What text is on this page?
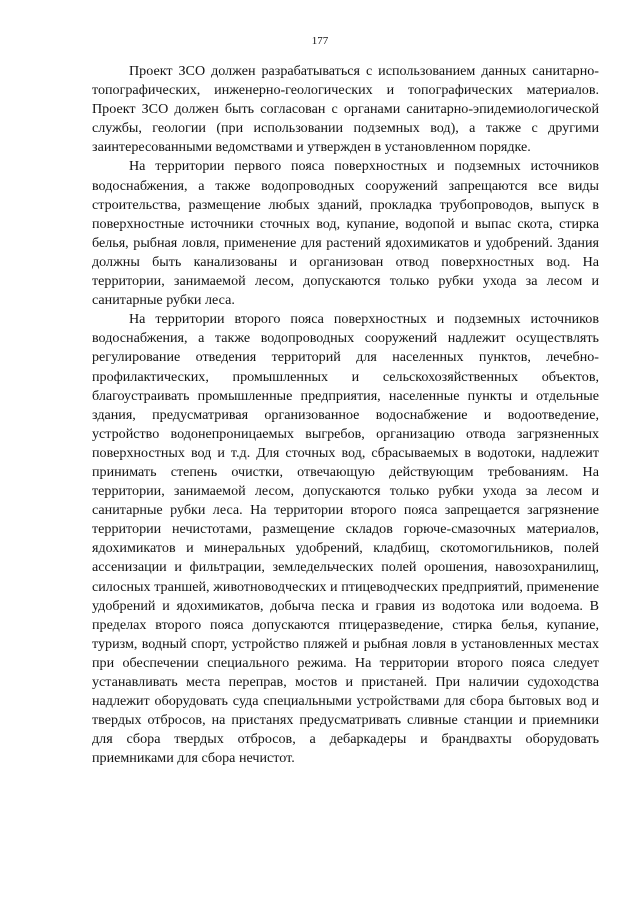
177

Проект ЗСО должен разрабатываться с использованием данных санитарно-топографических, инженерно-геологических и топографических материалов. Проект ЗСО должен быть согласован с органами санитарно-эпидемиологической службы, геологии (при использовании подземных вод), а также с другими заинтересованными ведомствами и утвержден в установленном порядке.

На территории первого пояса поверхностных и подземных источников водоснабжения, а также водопроводных сооружений запрещаются все виды строительства, размещение любых зданий, прокладка трубопроводов, выпуск в поверхностные источники сточных вод, купание, водопой и выпас скота, стирка белья, рыбная ловля, применение для растений ядохимикатов и удобрений. Здания должны быть канализованы и организован отвод поверхностных вод. На территории, занимаемой лесом, допускаются только рубки ухода за лесом и санитарные рубки леса.

На территории второго пояса поверхностных и подземных источников водоснабжения, а также водопроводных сооружений надлежит осуществлять регулирование отведения территорий для населенных пунктов, лечебно-профилактических, промышленных и сельскохозяйственных объектов, благоустраивать промышленные предприятия, населенные пункты и отдельные здания, предусматривая организованное водоснабжение и водоотведение, устройство водонепроницаемых выгребов, организацию отвода загрязненных поверхностных вод и т.д. Для сточных вод, сбрасываемых в водотоки, надлежит принимать степень очистки, отвечающую действующим требованиям. На территории, занимаемой лесом, допускаются только рубки ухода за лесом и санитарные рубки леса. На территории второго пояса запрещается загрязнение территории нечистотами, размещение складов горюче-смазочных материалов, ядохимикатов и минеральных удобрений, кладбищ, скотомогильников, полей ассенизации и фильтрации, земледельческих полей орошения, навозохранилищ, силосных траншей, животноводческих и птицеводческих предприятий, применение удобрений и ядохимикатов, добыча песка и гравия из водотока или водоема. В пределах второго пояса допускаются птицеразведение, стирка белья, купание, туризм, водный спорт, устройство пляжей и рыбная ловля в установленных местах при обеспечении специального режима. На территории второго пояса следует устанавливать места переправ, мостов и пристаней. При наличии судоходства надлежит оборудовать суда специальными устройствами для сбора бытовых вод и твердых отбросов, на пристанях предусматривать сливные станции и приемники для сбора твердых отбросов, а дебаркадеры и брандвахты оборудовать приемниками для сбора нечистот.
